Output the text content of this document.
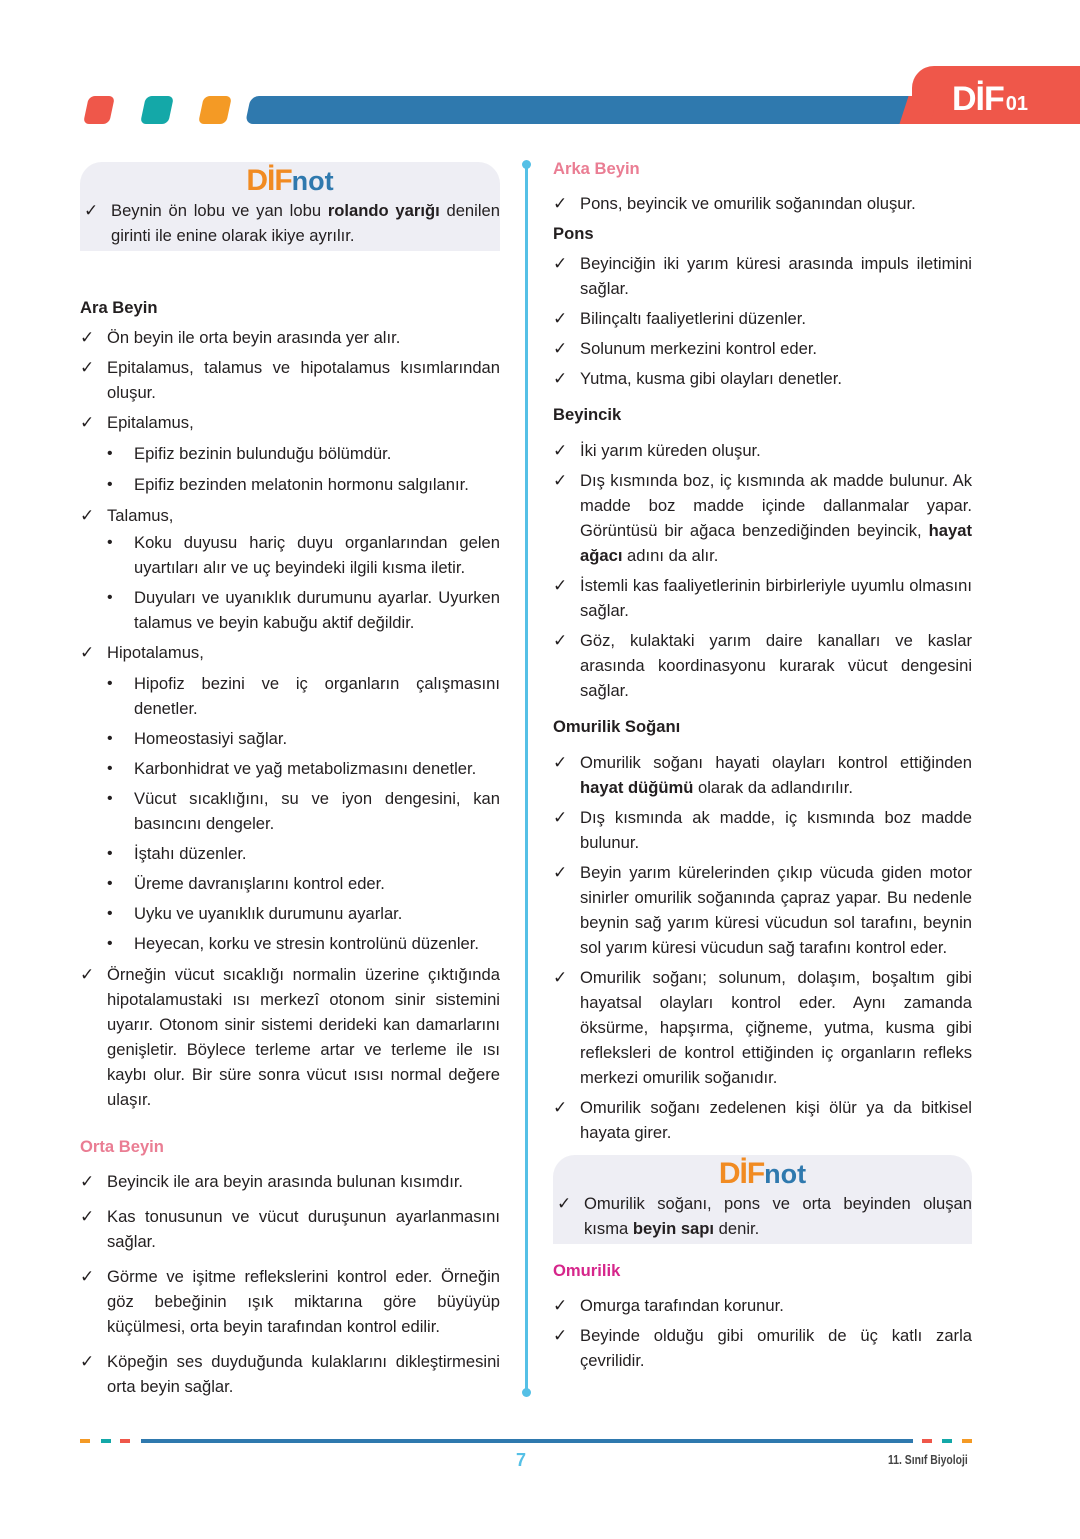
DİF 01
DİFnot
✓ Beynin ön lobu ve yan lobu rolando yarığı denilen girinti ile enine olarak ikiye ayrılır.

Ara Beyin

✓ Ön beyin ile orta beyin arasında yer alır.
✓ Epitalamus, talamus ve hipotalamus kısımlarından oluşur.
✓ Epitalamus,
•	Epifiz bezinin bulunduğu bölümdür.
•	Epifiz bezinden melatonin hormonu salgılanır.
✓ Talamus,
•	Koku duyusu hariç duyu organlarından gelen uyartıları alır ve uç beyindeki ilgili kısma iletir.
•	Duyuları ve uyanıklık durumunu ayarlar. Uyurken talamus ve beyin kabuğu aktif değildir.
✓ Hipotalamus,
•	Hipofiz bezini ve iç organların çalışmasını denetler.
•	Homeostasiyi sağlar.
•	Karbonhidrat ve yağ metabolizmasını denetler.
•	Vücut sıcaklığını, su ve iyon dengesini, kan basıncını dengeler.
•	İştahı düzenler.
•	Üreme davranışlarını kontrol eder.
•	Uyku ve uyanıklık durumunu ayarlar.
•	Heyecan, korku ve stresin kontrolünü düzenler.
✓ Örneğin vücut sıcaklığı normalin üzerine çıktığında hipotalamustaki ısı merkezî otonom sinir sistemini uyarır. Otonom sinir sistemi derideki kan damarlarını genişletir. Böylece terleme artar ve terleme ile ısı kaybı olur. Bir süre sonra vücut ısısı normal değere ulaşır.

Orta Beyin

✓ Beyincik ile ara beyin arasında bulunan kısımdır.
✓ Kas tonusunun ve vücut duruşunun ayarlanmasını sağlar.
✓ Görme ve işitme reflekslerini kontrol eder. Örneğin göz bebeğinin ışık miktarına göre büyüyüp küçülmesi, orta beyin tarafından kontrol edilir.
✓ Köpeğin ses duyduğunda kulaklarını dikleştirmesini orta beyin sağlar.

Arka Beyin

✓ Pons, beyincik ve omurilik soğanından oluşur.

Pons

✓ Beyinciğin iki yarım küresi arasında impuls iletimini sağlar.
✓ Bilinçaltı faaliyetlerini düzenler.
✓ Solunum merkezini kontrol eder.
✓ Yutma, kusma gibi olayları denetler.

Beyincik

✓ İki yarım küreden oluşur.
✓ Dış kısmında boz, iç kısmında ak madde bulunur. Ak madde boz madde içinde dallanmalar yapar. Görüntüsü bir ağaca benzediğinden beyincik, hayat ağacı adını da alır.
✓ İstemli kas faaliyetlerinin birbirleriyle uyumlu olmasını sağlar.
✓ Göz, kulaktaki yarım daire kanalları ve kaslar arasında koordinasyonu kurarak vücut dengesini sağlar.

Omurilik Soğanı

✓ Omurilik soğanı hayati olayları kontrol ettiğinden hayat düğümü olarak da adlandırılır.
✓ Dış kısmında ak madde, iç kısmında boz madde bulunur.
✓ Beyin yarım kürelerinden çıkıp vücuda giden motor sinirler omurilik soğanında çapraz yapar. Bu nedenle beynin sağ yarım küresi vücudun sol tarafını, beynin sol yarım küresi vücudun sağ tarafını kontrol eder.
✓ Omurilik soğanı; solunum, dolaşım, boşaltım gibi hayatsal olayları kontrol eder. Aynı zamanda öksürme, hapşırma, çiğneme, yutma, kusma gibi refleksleri de kontrol ettiğinden iç organların refleks merkezi omurilik soğanıdır.
✓ Omurilik soğanı zedelenen kişi ölür ya da bitkisel hayata girer.
DİFnot
✓ Omurilik soğanı, pons ve orta beyinden oluşan kısma beyin sapı denir.

Omurilik

✓ Omurga tarafından korunur.
✓ Beyinde olduğu gibi omurilik de üç katlı zarla çevrilidir.
7	11. Sınıf Biyoloji
